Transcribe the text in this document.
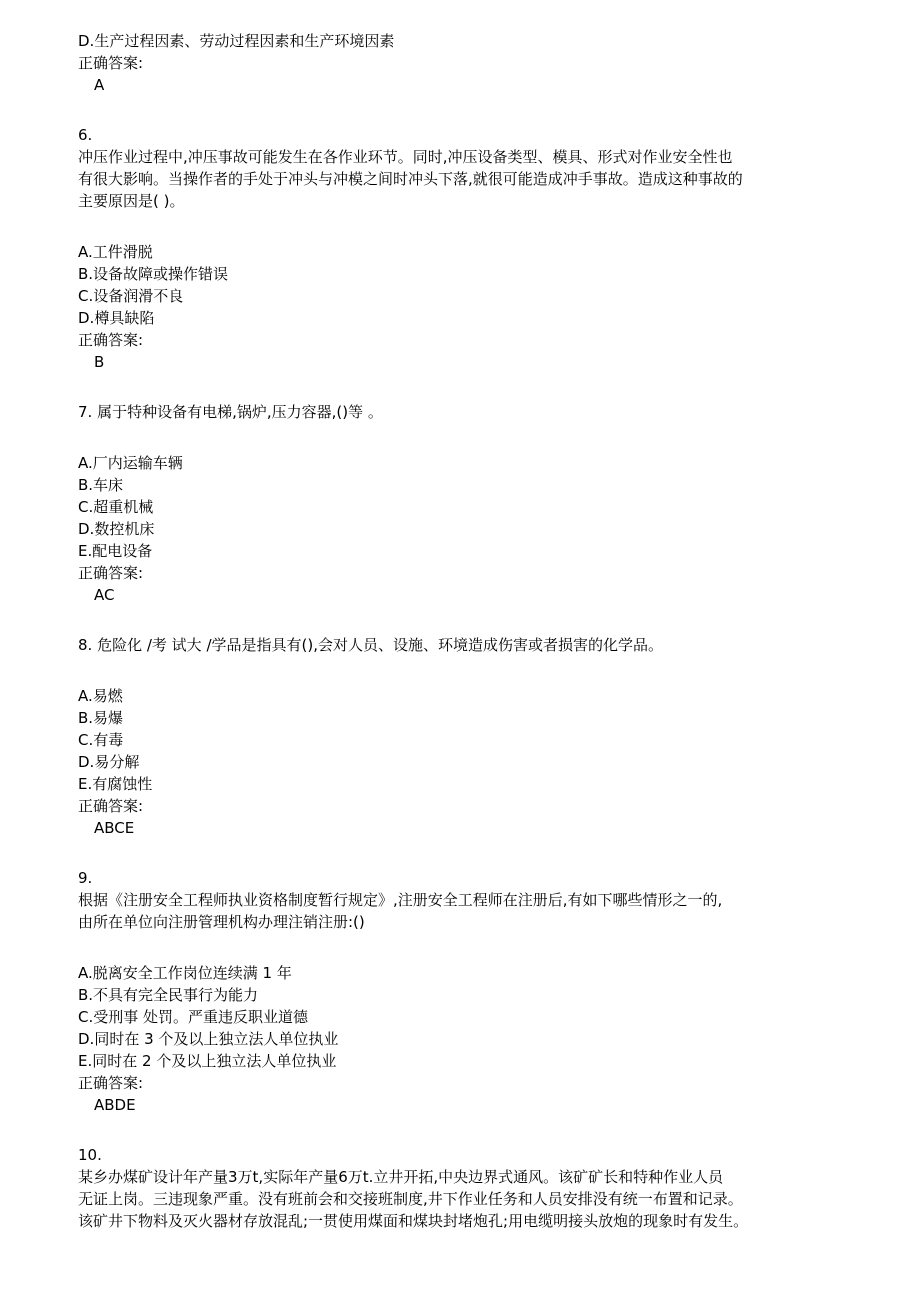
D.生产过程因素、劳动过程因素和生产环境因素
正确答案:
A
6.
冲压作业过程中,冲压事故可能发生在各作业环节。同时,冲压设备类型、模具、形式对作业安全性也
有很大影响。当操作者的手处于冲头与冲模之间时冲头下落,就很可能造成冲手事故。造成这种事故的
主要原因是( )。
A.工件滑脱
B.设备故障或操作错误
C.设备润滑不良
D.樽具缺陷
正确答案:
B
7. 属于特种设备有电梯,锅炉,压力容器,()等 。
A.厂内运输车辆
B.车床
C.超重机械
D.数控机床
E.配电设备
正确答案:
AC
8. 危险化 /考 试大 /学品是指具有(),会对人员、设施、环境造成伤害或者损害的化学品。
A.易燃
B.易爆
C.有毒
D.易分解
E.有腐蚀性
正确答案:
ABCE
9.
根据《注册安全工程师执业资格制度暂行规定》,注册安全工程师在注册后,有如下哪些情形之一的,
由所在单位向注册管理机构办理注销注册:()
A.脱离安全工作岗位连续满 1 年
B.不具有完全民事行为能力
C.受刑事 处罚。严重违反职业道德
D.同时在 3 个及以上独立法人单位执业
E.同时在 2 个及以上独立法人单位执业
正确答案:
ABDE
10.
某乡办煤矿设计年产量3万t,实际年产量6万t.立井开拓,中央边界式通风。该矿矿长和特种作业人员
无证上岗。三违现象严重。没有班前会和交接班制度,井下作业任务和人员安排没有统一布置和记录。
该矿井下物料及灭火器材存放混乱;一贯使用煤面和煤块封堵炮孔;用电缆明接头放炮的现象时有发生。
